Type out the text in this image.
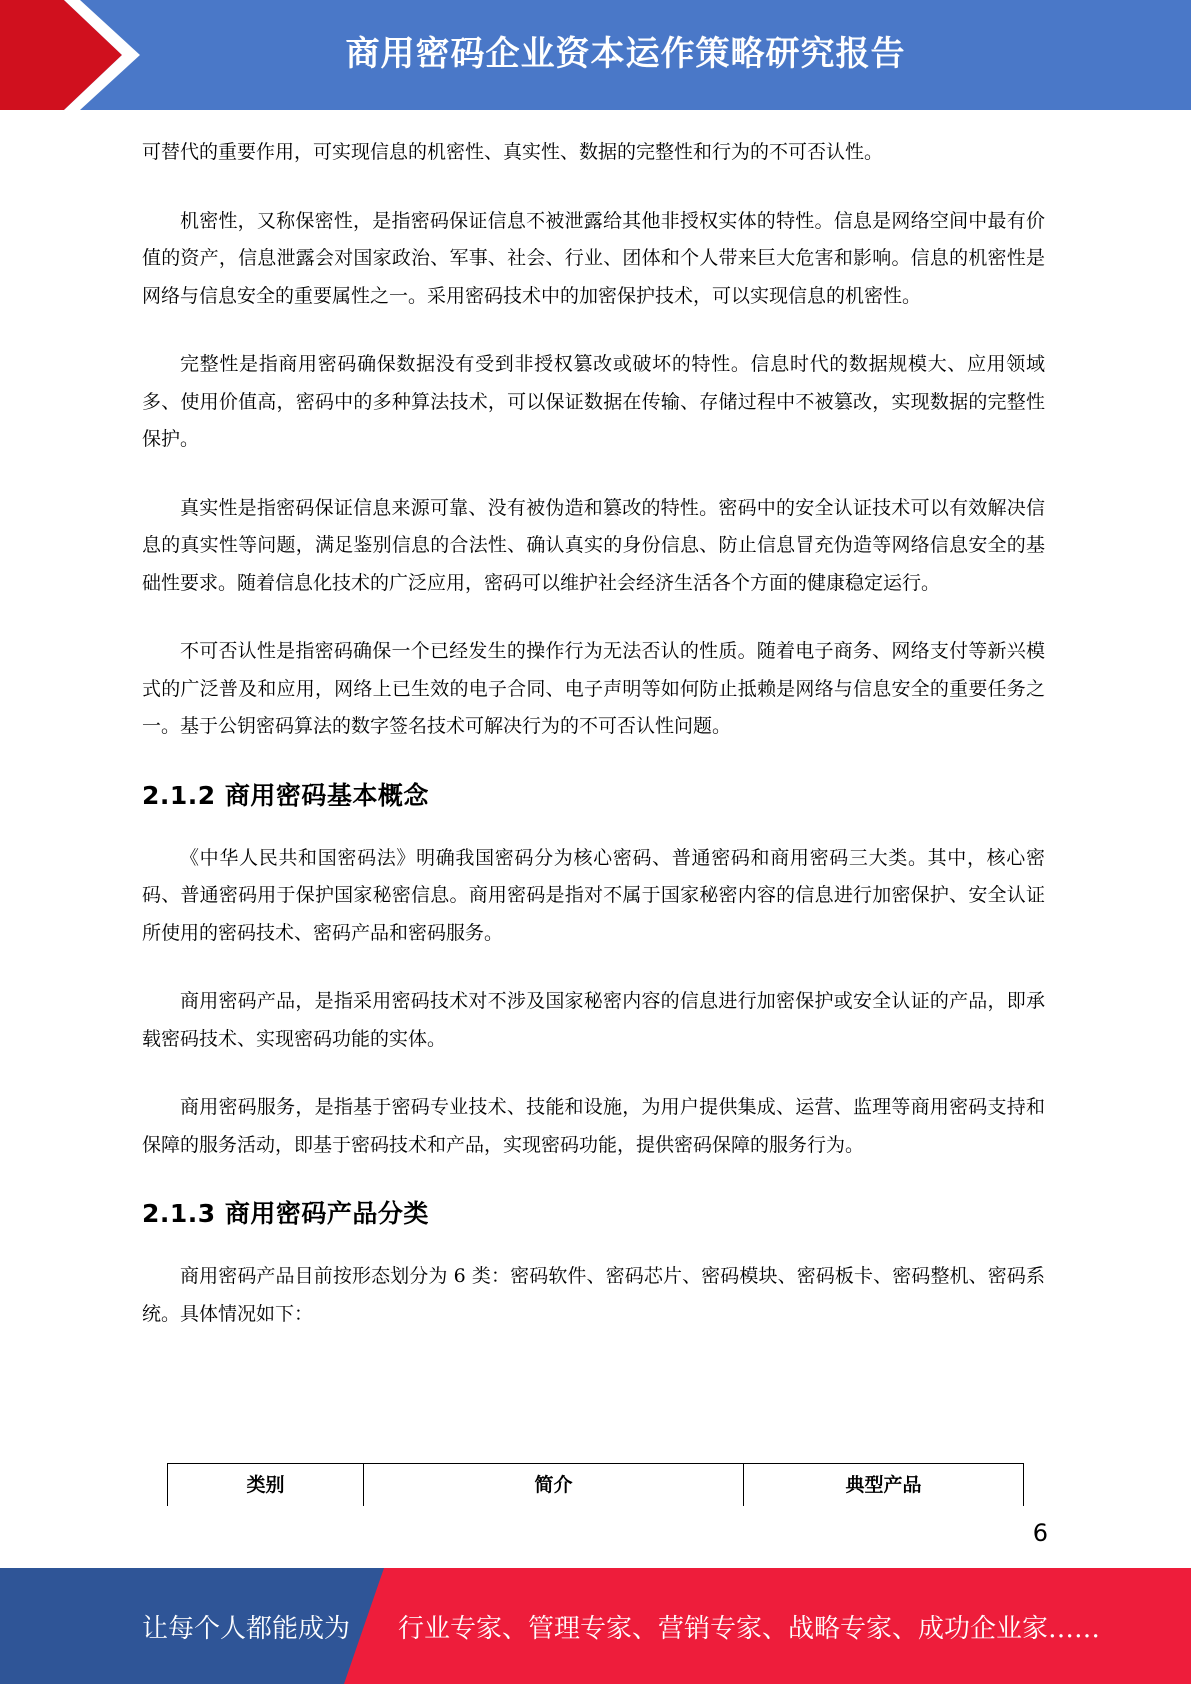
商用密码企业资本运作策略研究报告

可替代的重要作用，可实现信息的机密性、真实性、数据的完整性和行为的不可否认性。

机密性，又称保密性，是指密码保证信息不被泄露给其他非授权实体的特性。信息是网络空间中最有价值的资产，信息泄露会对国家政治、军事、社会、行业、团体和个人带来巨大危害和影响。信息的机密性是网络与信息安全的重要属性之一。采用密码技术中的加密保护技术，可以实现信息的机密性。

完整性是指商用密码确保数据没有受到非授权篡改或破坏的特性。信息时代的数据规模大、应用领域多、使用价值高，密码中的多种算法技术，可以保证数据在传输、存储过程中不被篡改，实现数据的完整性保护。

真实性是指密码保证信息来源可靠、没有被伪造和篡改的特性。密码中的安全认证技术可以有效解决信息的真实性等问题，满足鉴别信息的合法性、确认真实的身份信息、防止信息冒充伪造等网络信息安全的基础性要求。随着信息化技术的广泛应用，密码可以维护社会经济生活各个方面的健康稳定运行。

不可否认性是指密码确保一个已经发生的操作行为无法否认的性质。随着电子商务、网络支付等新兴模式的广泛普及和应用，网络上已生效的电子合同、电子声明等如何防止抵赖是网络与信息安全的重要任务之一。基于公钥密码算法的数字签名技术可解决行为的不可否认性问题。

2.1.2 商用密码基本概念

《中华人民共和国密码法》明确我国密码分为核心密码、普通密码和商用密码三大类。其中，核心密码、普通密码用于保护国家秘密信息。商用密码是指对不属于国家秘密内容的信息进行加密保护、安全认证所使用的密码技术、密码产品和密码服务。

商用密码产品，是指采用密码技术对不涉及国家秘密内容的信息进行加密保护或安全认证的产品，即承载密码技术、实现密码功能的实体。

商用密码服务，是指基于密码专业技术、技能和设施，为用户提供集成、运营、监理等商用密码支持和保障的服务活动，即基于密码技术和产品，实现密码功能，提供密码保障的服务行为。

2.1.3 商用密码产品分类

商用密码产品目前按形态划分为 6 类：密码软件、密码芯片、密码模块、密码板卡、密码整机、密码系统。具体情况如下：

类别	简介	典型产品
6
让每个人都能成为 行业专家、管理专家、营销专家、战略专家、成功企业家……
